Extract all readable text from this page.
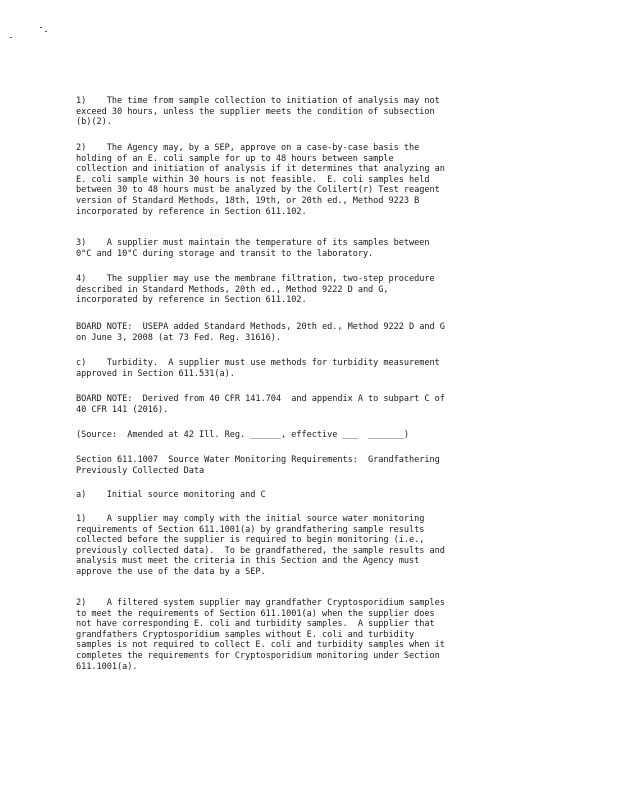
1)    The time from sample collection to initiation of analysis may not
exceed 30 hours, unless the supplier meets the condition of subsection
(b)(2).

2)    The Agency may, by a SEP, approve on a case-by-case basis the
holding of an E. coli sample for up to 48 hours between sample
collection and initiation of analysis if it determines that analyzing an
E. coli sample within 30 hours is not feasible.  E. coli samples held
between 30 to 48 hours must be analyzed by the Colilert(r) Test reagent
version of Standard Methods, 18th, 19th, or 20th ed., Method 9223 B
incorporated by reference in Section 611.102.

3)    A supplier must maintain the temperature of its samples between
0°C and 10°C during storage and transit to the laboratory.

4)    The supplier may use the membrane filtration, two-step procedure
described in Standard Methods, 20th ed., Method 9222 D and G,
incorporated by reference in Section 611.102.

BOARD NOTE:  USEPA added Standard Methods, 20th ed., Method 9222 D and G
on June 3, 2008 (at 73 Fed. Reg. 31616).

c)    Turbidity.  A supplier must use methods for turbidity measurement
approved in Section 611.531(a).

BOARD NOTE:  Derived from 40 CFR 141.704  and appendix A to subpart C of
40 CFR 141 (2016).

(Source:  Amended at 42 Ill. Reg. ______, effective ___  _______)

Section 611.1007  Source Water Monitoring Requirements:  Grandfathering
Previously Collected Data

a)    Initial source monitoring and C

1)    A supplier may comply with the initial source water monitoring
requirements of Section 611.1001(a) by grandfathering sample results
collected before the supplier is required to begin monitoring (i.e.,
previously collected data).  To be grandfathered, the sample results and
analysis must meet the criteria in this Section and the Agency must
approve the use of the data by a SEP.

2)    A filtered system supplier may grandfather Cryptosporidium samples
to meet the requirements of Section 611.1001(a) when the supplier does
not have corresponding E. coli and turbidity samples.  A supplier that
grandfathers Cryptosporidium samples without E. coli and turbidity
samples is not required to collect E. coli and turbidity samples when it
completes the requirements for Cryptosporidium monitoring under Section
611.1001(a).
